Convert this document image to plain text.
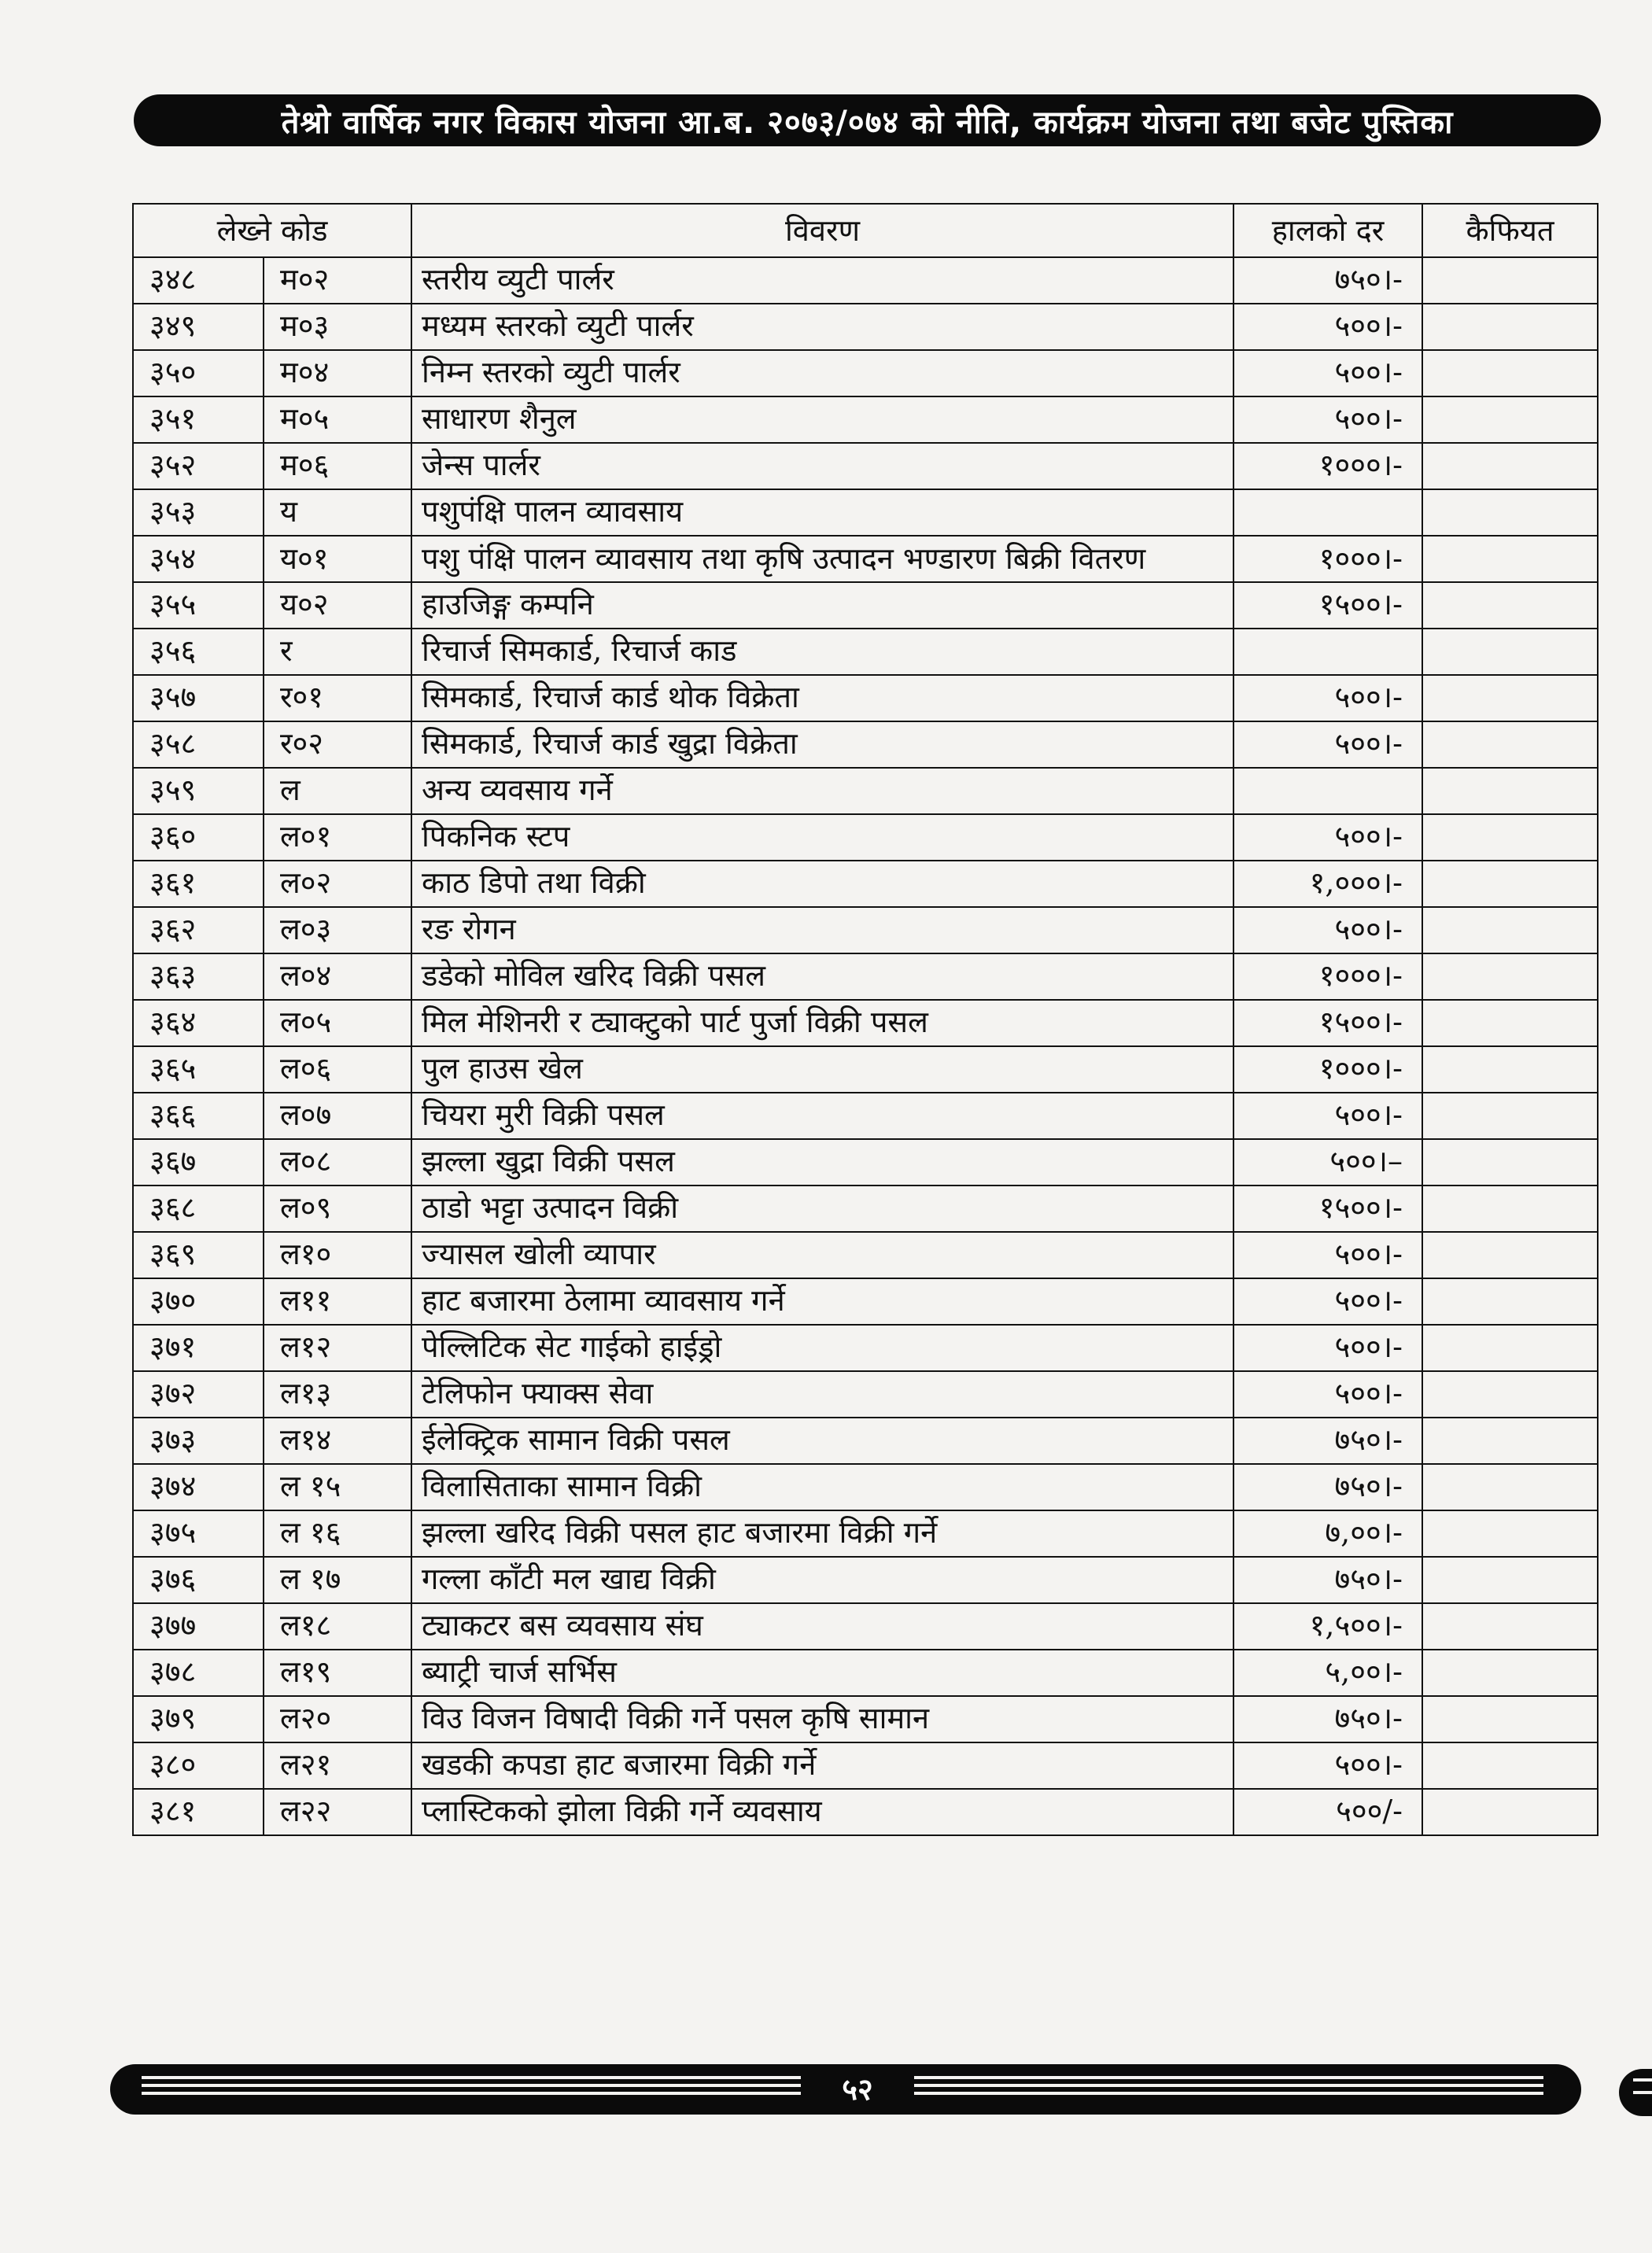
तेश्रो वार्षिक नगर विकास योजना आ.ब. २०७३/०७४ को नीति, कार्यक्रम योजना तथा बजेट पुस्तिका
लेख्ने कोड		विवरण	हालको दर	कैफियत
३४८	म०२	स्तरीय व्युटी पार्लर	७५०।-	
३४९	म०३	मध्यम स्तरको व्युटी पार्लर	५००।-	
३५०	म०४	निम्न स्तरको व्युटी पार्लर	५००।-	
३५१	म०५	साधारण शैनुल	५००।-	
३५२	म०६	जेन्स पार्लर	१०००।-	
३५३	य	पशुपंक्षि पालन व्यावसाय		
३५४	य०१	पशु पंक्षि पालन व्यावसाय तथा कृषि उत्पादन भण्डारण बिक्री वितरण	१०००।-	
३५५	य०२	हाउजिङ्ग कम्पनि	१५००।-	
३५६	र	रिचार्ज सिमकार्ड, रिचार्ज काड		
३५७	र०१	सिमकार्ड, रिचार्ज कार्ड थोक विक्रेता	५००।-	
३५८	र०२	सिमकार्ड, रिचार्ज कार्ड खुद्रा विक्रेता	५००।-	
३५९	ल	अन्य व्यवसाय गर्ने		
३६०	ल०१	पिकनिक स्टप	५००।-	
३६१	ल०२	काठ डिपो तथा विक्री	१,०००।-	
३६२	ल०३	रङ रोगन	५००।-	
३६३	ल०४	डडेको मोविल खरिद विक्री पसल	१०००।-	
३६४	ल०५	मिल मेशिनरी र ट्याक्टुको पार्ट पुर्जा विक्री पसल	१५००।-	
३६५	ल०६	पुल हाउस खेल	१०००।-	
३६६	ल०७	चियरा मुरी विक्री पसल	५००।-	
३६७	ल०८	झल्ला खुद्रा विक्री पसल	५००।–	
३६८	ल०९	ठाडो भट्टा उत्पादन विक्री	१५००।-	
३६९	ल१०	ज्यासल खोली व्यापार	५००।-	
३७०	ल११	हाट बजारमा ठेलामा व्यावसाय गर्ने	५००।-	
३७१	ल१२	पेल्लिटिक सेट गाईको हाईड्रो	५००।-	
३७२	ल१३	टेलिफोन फ्याक्स सेवा	५००।-	
३७३	ल१४	ईलेक्ट्रिक सामान विक्री पसल	७५०।-	
३७४	ल १५	विलासिताका सामान विक्री	७५०।-	
३७५	ल १६	झल्ला खरिद विक्री पसल हाट बजारमा विक्री गर्ने	७,००।-	
३७६	ल १७	गल्ला काँटी मल खाद्य विक्री	७५०।-	
३७७	ल१८	ट्याकटर बस व्यवसाय संघ	१,५००।-	
३७८	ल१९	ब्याट्री चार्ज सर्भिस	५,००।-	
३७९	ल२०	विउ विजन विषादी विक्री गर्ने पसल कृषि सामान	७५०।-	
३८०	ल२१	खडकी कपडा हाट बजारमा विक्री गर्ने	५००।-	
३८१	ल२२	प्लास्टिकको झोला विक्री गर्ने व्यवसाय	५००/-	
५२
